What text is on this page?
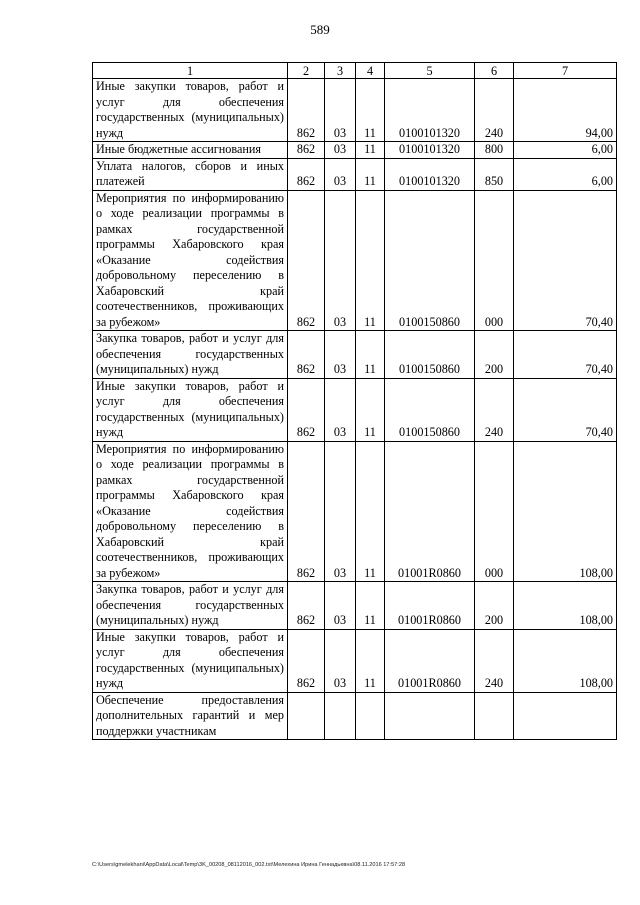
589
1	2	3	4	5	6	7
Иные закупки товаров, работ и услуг для обеспечения государственных (муниципальных) нужд	862	03	11	0100101320	240	94,00
Иные бюджетные ассигнования	862	03	11	0100101320	800	6,00
Уплата налогов, сборов и иных платежей	862	03	11	0100101320	850	6,00
Мероприятия по информированию о ходе реализации программы в рамках государственной программы Хабаровского края «Оказание содействия добровольному переселению в Хабаровский край соотечественников, проживающих за рубежом»	862	03	11	0100150860	000	70,40
Закупка товаров, работ и услуг для обеспечения государственных (муниципальных) нужд	862	03	11	0100150860	200	70,40
Иные закупки товаров, работ и услуг для обеспечения государственных (муниципальных) нужд	862	03	11	0100150860	240	70,40
Мероприятия по информированию о ходе реализации программы в рамках государственной программы Хабаровского края «Оказание содействия добровольному переселению в Хабаровский край соотечественников, проживающих за рубежом»	862	03	11	01001R0860	000	108,00
Закупка товаров, работ и услуг для обеспечения государственных (муниципальных) нужд	862	03	11	01001R0860	200	108,00
Иные закупки товаров, работ и услуг для обеспечения государственных (муниципальных) нужд	862	03	11	01001R0860	240	108,00
Обеспечение предоставления дополнительных гарантий и мер поддержки участникам						
C:\Users\gmelekhani\AppData\Local\Temp\3K_00208_08112016_002.txt\Мелехина Ирина Геннадьевна\08.11.2016 17:57:28
